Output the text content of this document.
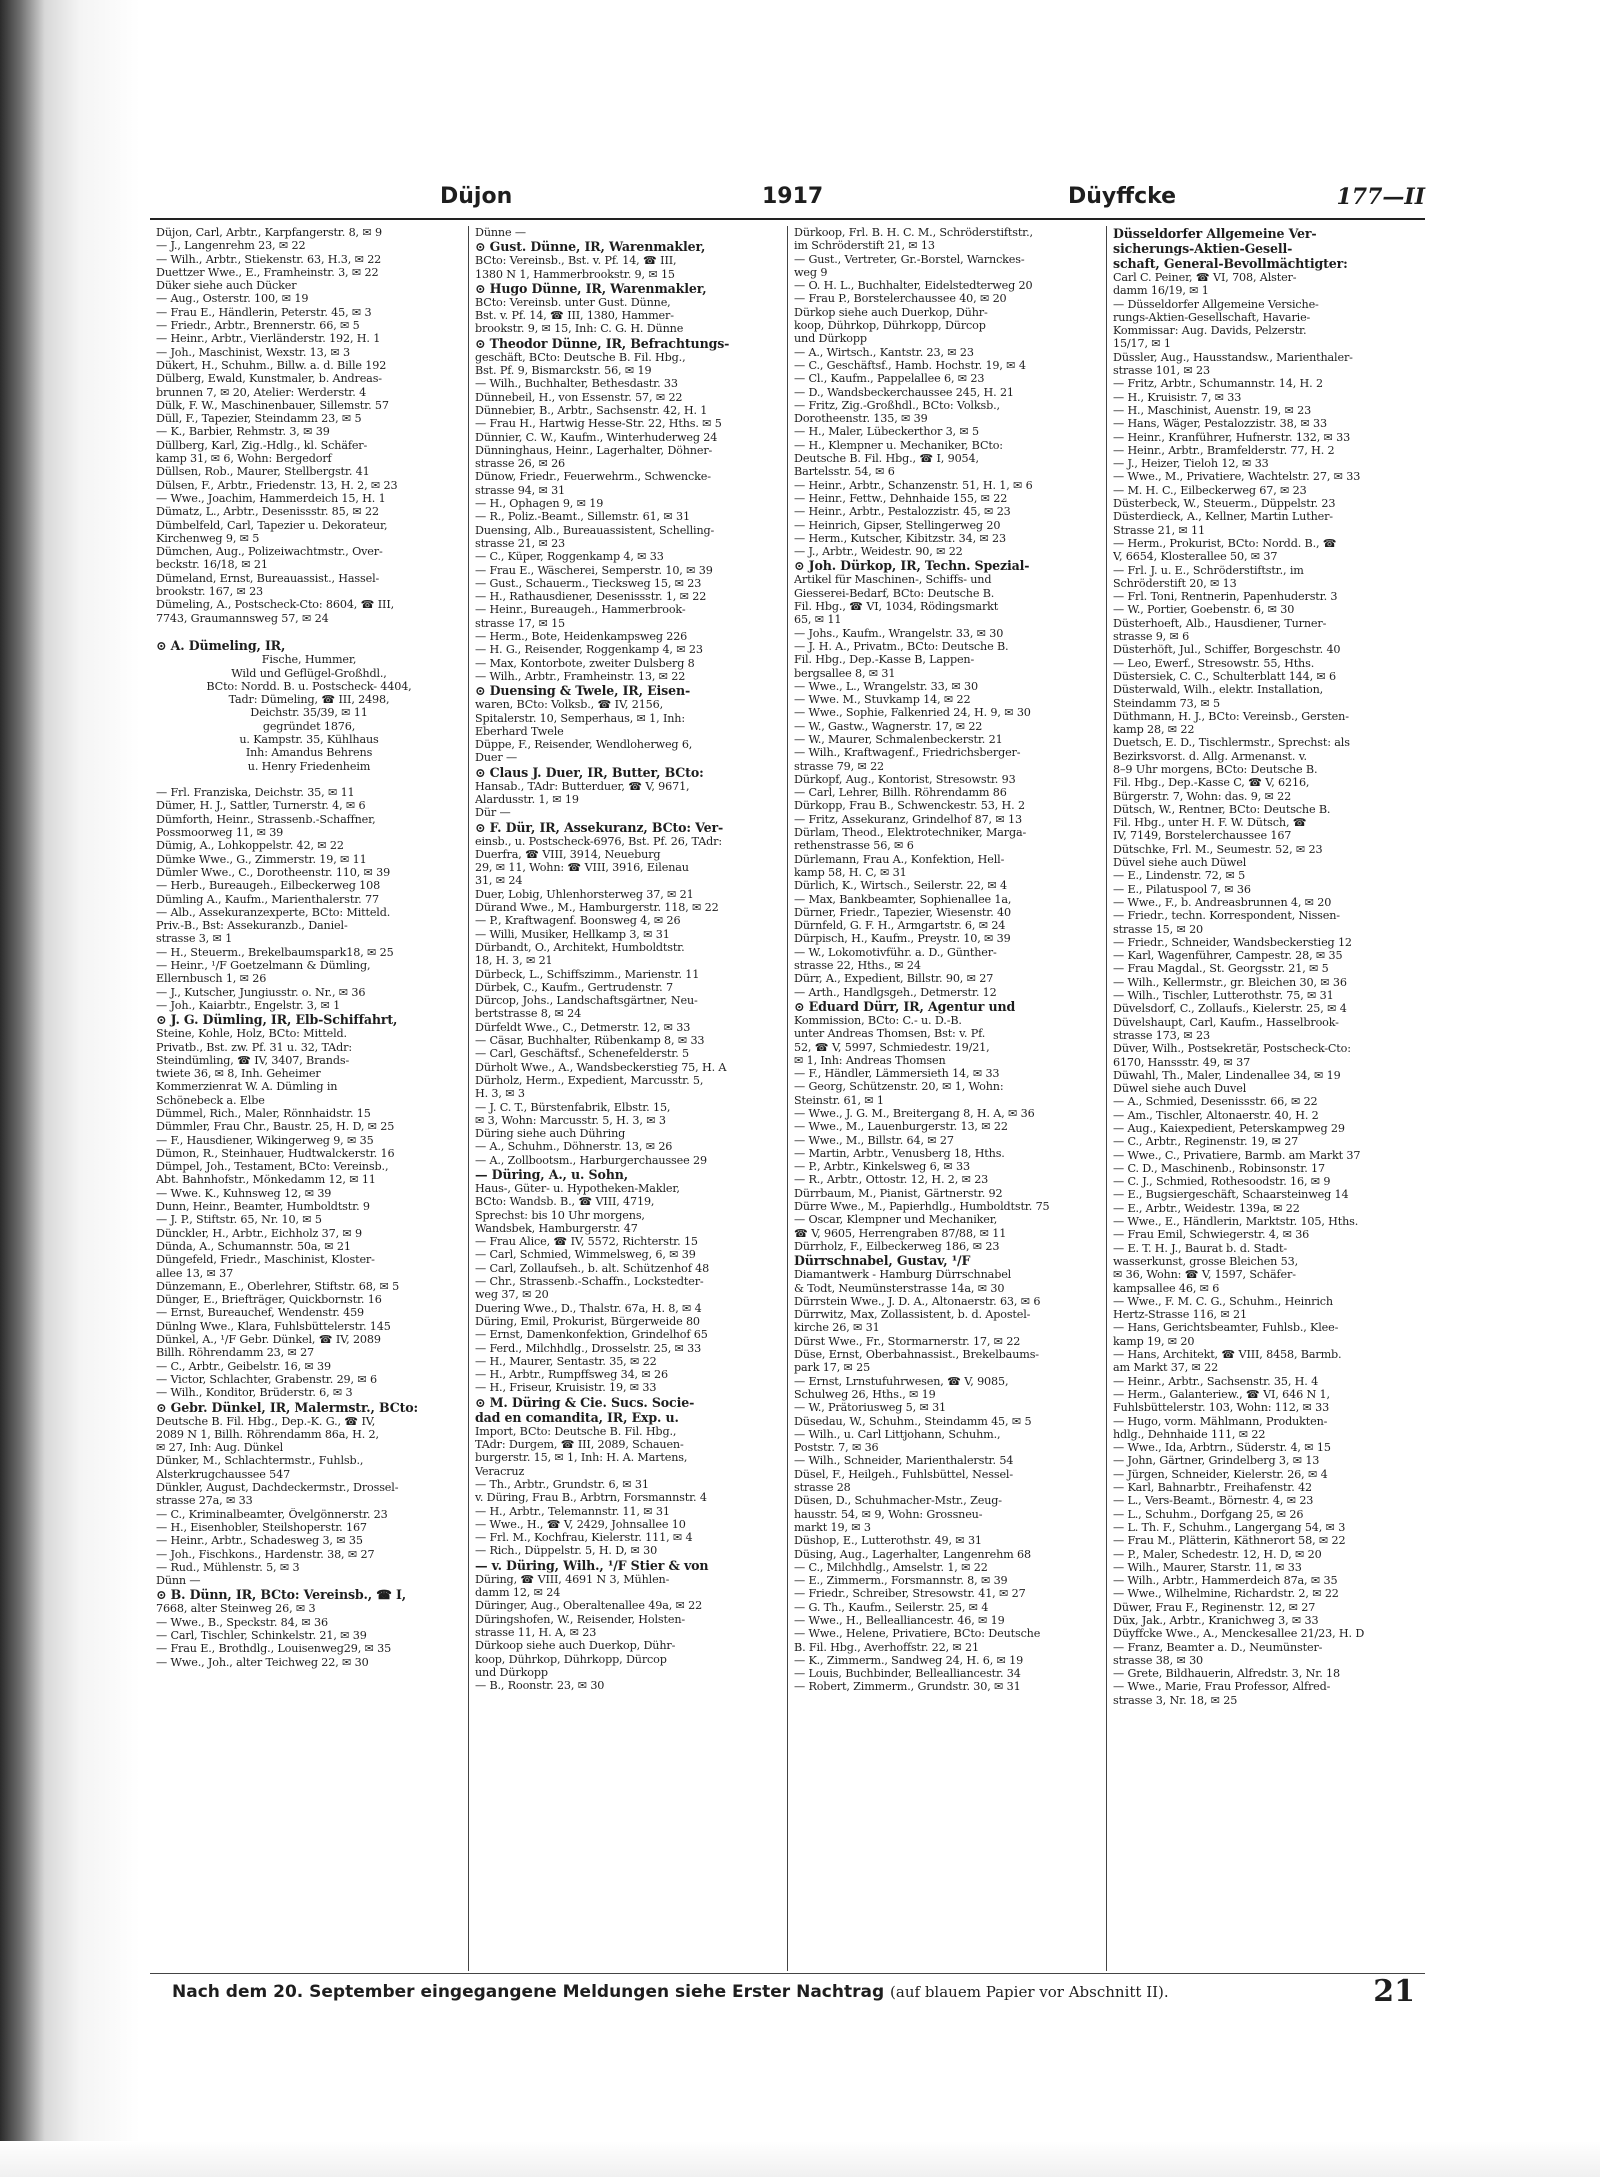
Düjon	1917	Düyffcke	177—II
Düjon, Carl, Arbtr., Karpfangerstr. 8, ✉ 9
— J., Langenrehm 23, ✉ 22
— Wilh., Arbtr., Stiekenstr. 63, H.3, ✉ 22
Duettzer Wwe., E., Framheinstr. 3, ✉ 22
Düker siehe auch Dücker
— Aug., Osterstr. 100, ✉ 19
— Frau E., Händlerin, Peterstr. 45, ✉ 3
— Friedr., Arbtr., Brennerstr. 66, ✉ 5
— Heinr., Arbtr., Vierländerstr. 192, H. 1
— Joh., Maschinist, Wexstr. 13, ✉ 3
Dükert, H., Schuhm., Billw. a. d. Bille 192
Dülberg, Ewald, Kunstmaler, b. Andreas-
brunnen 7, ✉ 20, Atelier: Werderstr. 4
Dülk, F. W., Maschinenbauer, Sillemstr. 57
Düll, F., Tapezier, Steindamm 23, ✉ 5
— K., Barbier, Rehmstr. 3, ✉ 39
Düllberg, Karl, Zig.-Hdlg., kl. Schäfer-
kamp 31, ✉ 6, Wohn: Bergedorf
Düllsen, Rob., Maurer, Stellbergstr. 41
Dülsen, F., Arbtr., Friedenstr. 13, H. 2, ✉ 23
— Wwe., Joachim, Hammerdeich 15, H. 1
Dümatz, L., Arbtr., Desenissstr. 85, ✉ 22
Dümbelfeld, Carl, Tapezier u. Dekorateur,
Kirchenweg 9, ✉ 5
Dümchen, Aug., Polizeiwachtmstr., Over-
beckstr. 16/18, ✉ 21
Dümeland, Ernst, Bureauassist., Hassel-
brookstr. 167, ✉ 23
Dümeling, A., Postscheck-Cto: 8604, ☎ III,
7743, Graumannsweg 57, ✉ 24
⊙ A. Dümeling, IR,
Fische, Hummer,
Wild und Geflügel-Großhdl.,
BCto: Nordd. B. u. Postscheck- 4404,
Tadr: Dümeling, ☎ III, 2498,
Deichstr. 35/39, ✉ 11
gegründet 1876,
u. Kampstr. 35, Kühlhaus
Inh: Amandus Behrens
u. Henry Friedenheim
— Frl. Franziska, Deichstr. 35, ✉ 11
Dümer, H. J., Sattler, Turnerstr. 4, ✉ 6
Dümforth, Heinr., Strassenb.-Schaffner,
Possmoorweg 11, ✉ 39
Dümig, A., Lohkoppelstr. 42, ✉ 22
Dümke Wwe., G., Zimmerstr. 19, ✉ 11
Dümler Wwe., C., Dorotheenstr. 110, ✉ 39
— Herb., Bureaugeh., Eilbeckerweg 108
Dümling A., Kaufm., Marienthalerstr. 77
— Alb., Assekuranzexperte, BCto: Mitteld.
Priv.-B., Bst: Assekuranzb., Daniel-
strasse 3, ✉ 1
— H., Steuerm., Brekelbaumspark18, ✉ 25
— Heinr., ¹/F Goetzelmann & Dümling,
Ellernbusch 1, ✉ 26
— J., Kutscher, Jungiusstr. o. Nr., ✉ 36
— Joh., Kaiarbtr., Engelstr. 3, ✉ 1
⊙ J. G. Dümling, IR, Elb-Schiffahrt,
Steine, Kohle, Holz, BCto: Mitteld.
Privatb., Bst. zw. Pf. 31 u. 32, TAdr:
Steindümling, ☎ IV, 3407, Brands-
twiete 36, ✉ 8, Inh. Geheimer
Kommerzienrat W. A. Dümling in
Schönebeck a. Elbe
Dümmel, Rich., Maler, Rönnhaidstr. 15
Dümmler, Frau Chr., Baustr. 25, H. D, ✉ 25
— F., Hausdiener, Wikingerweg 9, ✉ 35
Dümon, R., Steinhauer, Hudtwalckerstr. 16
Dümpel, Joh., Testament, BCto: Vereinsb.,
Abt. Bahnhofstr., Mönkedamm 12, ✉ 11
— Wwe. K., Kuhnsweg 12, ✉ 39
Dunn, Heinr., Beamter, Humboldtstr. 9
— J. P., Stiftstr. 65, Nr. 10, ✉ 5
Dünckler, H., Arbtr., Eichholz 37, ✉ 9
Dünda, A., Schumannstr. 50a, ✉ 21
Düngefeld, Friedr., Maschinist, Kloster-
allee 13, ✉ 37
Dünzemann, E., Oberlehrer, Stiftstr. 68, ✉ 5
Dünger, E., Briefträger, Quickbornstr. 16
— Ernst, Bureauchef, Wendenstr. 459
Dünlng Wwe., Klara, Fuhlsbüttelerstr. 145
Dünkel, A., ¹/F Gebr. Dünkel, ☎ IV, 2089
Billh. Röhrendamm 23, ✉ 27
— C., Arbtr., Geibelstr. 16, ✉ 39
— Victor, Schlachter, Grabenstr. 29, ✉ 6
— Wilh., Konditor, Brüderstr. 6, ✉ 3
⊙ Gebr. Dünkel, IR, Malermstr., BCto:
Deutsche B. Fil. Hbg., Dep.-K. G., ☎ IV,
2089 N 1, Billh. Röhrendamm 86a, H. 2,
✉ 27, Inh: Aug. Dünkel
Dünker, M., Schlachtermstr., Fuhlsb.,
Alsterkrugchaussee 547
Dünkler, August, Dachdeckermstr., Drossel-
strasse 27a, ✉ 33
— C., Kriminalbeamter, Övelgönnerstr. 23
— H., Eisenhobler, Steilshoperstr. 167
— Heinr., Arbtr., Schadesweg 3, ✉ 35
— Joh., Fischkons., Hardenstr. 38, ✉ 27
— Rud., Mühlenstr. 5, ✉ 3
Dünn —
⊙ B. Dünn, IR, BCto: Vereinsb., ☎ I,
7668, alter Steinweg 26, ✉ 3
— Wwe., B., Speckstr. 84, ✉ 36
— Carl, Tischler, Schinkelstr. 21, ✉ 39
— Frau E., Brothdlg., Louisenweg29, ✉ 35
— Wwe., Joh., alter Teichweg 22, ✉ 30
Dünne —
⊙ Gust. Dünne, IR, Warenmakler,
BCto: Vereinsb., Bst. v. Pf. 14, ☎ III,
1380 N 1, Hammerbrookstr. 9, ✉ 15
⊙ Hugo Dünne, IR, Warenmakler,
BCto: Vereinsb. unter Gust. Dünne,
Bst. v. Pf. 14, ☎ III, 1380, Hammer-
brookstr. 9, ✉ 15, Inh: C. G. H. Dünne
⊙ Theodor Dünne, IR, Befrachtungs-
geschäft, BCto: Deutsche B. Fil. Hbg.,
Bst. Pf. 9, Bismarckstr. 56, ✉ 19
— Wilh., Buchhalter, Bethesdastr. 33
Dünnebeil, H., von Essenstr. 57, ✉ 22
Dünnebier, B., Arbtr., Sachsenstr. 42, H. 1
— Frau H., Hartwig Hesse-Str. 22, Hths. ✉ 5
Dünnier, C. W., Kaufm., Winterhuderweg 24
Dünninghaus, Heinr., Lagerhalter, Döhner-
strasse 26, ✉ 26
Dünow, Friedr., Feuerwehrm., Schwencke-
strasse 94, ✉ 31
— H., Ophagen 9, ✉ 19
— R., Poliz.-Beamt., Sillemstr. 61, ✉ 31
Duensing, Alb., Bureauassistent, Schelling-
strasse 21, ✉ 23
— C., Küper, Roggenkamp 4, ✉ 33
— Frau E., Wäscherei, Semperstr. 10, ✉ 39
— Gust., Schauerm., Tiecksweg 15, ✉ 23
— H., Rathausdiener, Desenissstr. 1, ✉ 22
— Heinr., Bureaugeh., Hammerbrook-
strasse 17, ✉ 15
— Herm., Bote, Heidenkampsweg 226
— H. G., Reisender, Roggenkamp 4, ✉ 23
— Max, Kontorbote, zweiter Dulsberg 8
— Wilh., Arbtr., Framheinstr. 13, ✉ 22
⊙ Duensing & Twele, IR, Eisen-
waren, BCto: Volksb., ☎ IV, 2156,
Spitalerstr. 10, Semperhaus, ✉ 1, Inh:
Eberhard Twele
Düppe, F., Reisender, Wendloherweg 6,
Duer —
⊙ Claus J. Duer, IR, Butter, BCto:
Hansab., TAdr: Butterduer, ☎ V, 9671,
Alardusstr. 1, ✉ 19
Dür —
⊙ F. Dür, IR, Assekuranz, BCto: Ver-
einsb., u. Postscheck-6976, Bst. Pf. 26, TAdr:
Duerfra, ☎ VIII, 3914, Neueburg
29, ✉ 11, Wohn: ☎ VIII, 3916, Eilenau
31, ✉ 24
Duer, Lobig, Uhlenhorsterweg 37, ✉ 21
Dürand Wwe., M., Hamburgerstr. 118, ✉ 22
— P., Kraftwagenf. Boonsweg 4, ✉ 26
— Willi, Musiker, Hellkamp 3, ✉ 31
Dürbandt, O., Architekt, Humboldtstr.
18, H. 3, ✉ 21
Dürbeck, L., Schiffszimm., Marienstr. 11
Dürbek, C., Kaufm., Gertrudenstr. 7
Dürcop, Johs., Landschaftsgärtner, Neu-
bertstrasse 8, ✉ 24
Dürfeldt Wwe., C., Detmerstr. 12, ✉ 33
— Cäsar, Buchhalter, Rübenkamp 8, ✉ 33
— Carl, Geschäftsf., Schenefelderstr. 5
Dürholt Wwe., A., Wandsbeckerstieg 75, H. A
Dürholz, Herm., Expedient, Marcusstr. 5,
H. 3, ✉ 3
— J. C. T., Bürstenfabrik, Elbstr. 15,
✉ 3, Wohn: Marcusstr. 5, H. 3, ✉ 3
Düring siehe auch Dühring
— A., Schuhm., Döhnerstr. 13, ✉ 26
— A., Zollbootsm., Harburgerchaussee 29
— Düring, A., u. Sohn,
Haus-, Güter- u. Hypotheken-Makler,
BCto: Wandsb. B., ☎ VIII, 4719,
Sprechst: bis 10 Uhr morgens,
Wandsbek, Hamburgerstr. 47
— Frau Alice, ☎ IV, 5572, Richterstr. 15
— Carl, Schmied, Wimmelsweg, 6, ✉ 39
— Carl, Zollaufseh., b. alt. Schützenhof 48
— Chr., Strassenb.-Schaffn., Lockstedter-
weg 37, ✉ 20
Duering Wwe., D., Thalstr. 67a, H. 8, ✉ 4
Düring, Emil, Prokurist, Bürgerweide 80
— Ernst, Damenkonfektion, Grindelhof 65
— Ferd., Milchhdlg., Drosselstr. 25, ✉ 33
— H., Maurer, Sentastr. 35, ✉ 22
— H., Arbtr., Rumpffsweg 34, ✉ 26
— H., Friseur, Kruisistr. 19, ✉ 33
⊙ M. Düring & Cie. Sucs. Socie-
dad en comandita, IR, Exp. u.
Import, BCto: Deutsche B. Fil. Hbg.,
TAdr: Durgem, ☎ III, 2089, Schauen-
burgerstr. 15, ✉ 1, Inh: H. A. Martens,
Veracruz
— Th., Arbtr., Grundstr. 6, ✉ 31
v. Düring, Frau B., Arbtrn, Forsmannstr. 4
— H., Arbtr., Telemannstr. 11, ✉ 31
— Wwe., H., ☎ V, 2429, Johnsallee 10
— Frl. M., Kochfrau, Kielerstr. 111, ✉ 4
— Rich., Düppelstr. 5, H. D, ✉ 30
— v. Düring, Wilh., ¹/F Stier & von
Düring, ☎ VIII, 4691 N 3, Mühlen-
damm 12, ✉ 24
Düringer, Aug., Oberaltenallee 49a, ✉ 22
Düringshofen, W., Reisender, Holsten-
strasse 11, H. A, ✉ 23
Dürkoop siehe auch Duerkop, Dühr-
koop, Dührkop, Dührkopp, Dürcop
und Dürkopp
— B., Roonstr. 23, ✉ 30
Dürkoop, Frl. B. H. C. M., Schröderstiftstr.,
im Schröderstift 21, ✉ 13
— Gust., Vertreter, Gr.-Borstel, Warnckes-
weg 9
— O. H. L., Buchhalter, Eidelstedterweg 20
— Frau P., Borstelerchaussee 40, ✉ 20
Dürkop siehe auch Duerkop, Dühr-
koop, Dührkop, Dührkopp, Dürcop
und Dürkopp
— A., Wirtsch., Kantstr. 23, ✉ 23
— C., Geschäftsf., Hamb. Hochstr. 19, ✉ 4
— Cl., Kaufm., Pappelallee 6, ✉ 23
— D., Wandsbeckerchaussee 245, H. 21
— Fritz, Zig.-Großhdl., BCto: Volksb.,
Dorotheenstr. 135, ✉ 39
— H., Maler, Lübeckerthor 3, ✉ 5
— H., Klempner u. Mechaniker, BCto:
Deutsche B. Fil. Hbg., ☎ I, 9054,
Bartelsstr. 54, ✉ 6
— Heinr., Arbtr., Schanzenstr. 51, H. 1, ✉ 6
— Heinr., Fettw., Dehnhaide 155, ✉ 22
— Heinr., Arbtr., Pestalozzistr. 45, ✉ 23
— Heinrich, Gipser, Stellingerweg 20
— Herm., Kutscher, Kibitzstr. 34, ✉ 23
— J., Arbtr., Weidestr. 90, ✉ 22
⊙ Joh. Dürkop, IR, Techn. Spezial-
Artikel für Maschinen-, Schiffs- und
Giesserei-Bedarf, BCto: Deutsche B.
Fil. Hbg., ☎ VI, 1034, Rödingsmarkt
65, ✉ 11
— Johs., Kaufm., Wrangelstr. 33, ✉ 30
— J. H. A., Privatm., BCto: Deutsche B.
Fil. Hbg., Dep.-Kasse B, Lappen-
bergsallee 8, ✉ 31
— Wwe., L., Wrangelstr. 33, ✉ 30
— Wwe. M., Stuvkamp 14, ✉ 22
— Wwe., Sophie, Falkenried 24, H. 9, ✉ 30
— W., Gastw., Wagnerstr. 17, ✉ 22
— W., Maurer, Schmalenbeckerstr. 21
— Wilh., Kraftwagenf., Friedrichsberger-
strasse 79, ✉ 22
Dürkopf, Aug., Kontorist, Stresowstr. 93
— Carl, Lehrer, Billh. Röhrendamm 86
Dürkopp, Frau B., Schwenckestr. 53, H. 2
— Fritz, Assekuranz, Grindelhof 87, ✉ 13
Dürlam, Theod., Elektrotechniker, Marga-
rethenstrasse 56, ✉ 6
Dürlemann, Frau A., Konfektion, Hell-
kamp 58, H. C, ✉ 31
Dürlich, K., Wirtsch., Seilerstr. 22, ✉ 4
— Max, Bankbeamter, Sophienallee 1a,
Dürner, Friedr., Tapezier, Wiesenstr. 40
Dürnfeld, G. F. H., Armgartstr. 6, ✉ 24
Dürpisch, H., Kaufm., Preystr. 10, ✉ 39
— W., Lokomotivführ. a. D., Günther-
strasse 22, Hths., ✉ 24
Dürr, A., Expedient, Billstr. 90, ✉ 27
— Arth., Handlgsgeh., Detmerstr. 12
⊙ Eduard Dürr, IR, Agentur und
Kommission, BCto: C.- u. D.-B.
unter Andreas Thomsen, Bst: v. Pf.
52, ☎ V, 5997, Schmiedestr. 19/21,
✉ 1, Inh: Andreas Thomsen
— F., Händler, Lämmersieth 14, ✉ 33
— Georg, Schützenstr. 20, ✉ 1, Wohn:
Steinstr. 61, ✉ 1
— Wwe., J. G. M., Breitergang 8, H. A, ✉ 36
— Wwe., M., Lauenburgerstr. 13, ✉ 22
— Wwe., M., Billstr. 64, ✉ 27
— Martin, Arbtr., Venusberg 18, Hths.
— P., Arbtr., Kinkelsweg 6, ✉ 33
— R., Arbtr., Ottostr. 12, H. 2, ✉ 23
Dürrbaum, M., Pianist, Gärtnerstr. 92
Dürre Wwe., M., Papierhdlg., Humboldtstr. 75
— Oscar, Klempner und Mechaniker,
☎ V, 9605, Herrengraben 87/88, ✉ 11
Dürrholz, F., Eilbeckerweg 186, ✉ 23
Dürrschnabel, Gustav, ¹/F
Diamantwerk - Hamburg Dürrschnabel
& Todt, Neumünsterstrasse 14a, ✉ 30
Dürrstein Wwe., J. D. A., Altonaerstr. 63, ✉ 6
Dürrwitz, Max, Zollassistent, b. d. Apostel-
kirche 26, ✉ 31
Dürst Wwe., Fr., Stormarnerstr. 17, ✉ 22
Düse, Ernst, Oberbahnassist., Brekelbaums-
park 17, ✉ 25
— Ernst, Lrnstufuhrwesen, ☎ V, 9085,
Schulweg 26, Hths., ✉ 19
— W., Prätoriusweg 5, ✉ 31
Düsedau, W., Schuhm., Steindamm 45, ✉ 5
— Wilh., u. Carl Littjohann, Schuhm.,
Poststr. 7, ✉ 36
— Wilh., Schneider, Marienthalerstr. 54
Düsel, F., Heilgeh., Fuhlsbüttel, Nessel-
strasse 28
Düsen, D., Schuhmacher-Mstr., Zeug-
hausstr. 54, ✉ 9, Wohn: Grossneu-
markt 19, ✉ 3
Düshop, E., Lutterothstr. 49, ✉ 31
Düsing, Aug., Lagerhalter, Langenrehm 68
— C., Milchhdlg., Amselstr. 1, ✉ 22
— E., Zimmerm., Forsmannstr. 8, ✉ 39
— Friedr., Schreiber, Stresowstr. 41, ✉ 27
— G. Th., Kaufm., Seilerstr. 25, ✉ 4
— Wwe., H., Bellealliancestr. 46, ✉ 19
— Wwe., Helene, Privatiere, BCto: Deutsche
B. Fil. Hbg., Averhoffstr. 22, ✉ 21
— K., Zimmerm., Sandweg 24, H. 6, ✉ 19
— Louis, Buchbinder, Bellealliancestr. 34
— Robert, Zimmerm., Grundstr. 30, ✉ 31
Düsseldorfer Allgemeine Ver-
sicherungs-Aktien-Gesell-
schaft, General-Bevollmächtigter:
Carl C. Peiner, ☎ VI, 708, Alster-
damm 16/19, ✉ 1
— Düsseldorfer Allgemeine Versiche-
rungs-Aktien-Gesellschaft, Havarie-
Kommissar: Aug. Davids, Pelzerstr.
15/17, ✉ 1
Düssler, Aug., Hausstandsw., Marienthaler-
strasse 101, ✉ 23
— Fritz, Arbtr., Schumannstr. 14, H. 2
— H., Kruisistr. 7, ✉ 33
— H., Maschinist, Auenstr. 19, ✉ 23
— Hans, Wäger, Pestalozzistr. 38, ✉ 33
— Heinr., Kranführer, Hufnerstr. 132, ✉ 33
— Heinr., Arbtr., Bramfelderstr. 77, H. 2
— J., Heizer, Tieloh 12, ✉ 33
— Wwe., M., Privatiere, Wachtelstr. 27, ✉ 33
— M. H. C., Eilbeckerweg 67, ✉ 23
Düsterbeck, W., Steuerm., Düppelstr. 23
Düsterdieck, A., Kellner, Martin Luther-
Strasse 21, ✉ 11
— Herm., Prokurist, BCto: Nordd. B., ☎
V, 6654, Klosterallee 50, ✉ 37
— Frl. J. u. E., Schröderstiftstr., im
Schröderstift 20, ✉ 13
— Frl. Toni, Rentnerin, Papenhuderstr. 3
— W., Portier, Goebenstr. 6, ✉ 30
Düsterhoeft, Alb., Hausdiener, Turner-
strasse 9, ✉ 6
Düsterhöft, Jul., Schiffer, Borgeschstr. 40
— Leo, Ewerf., Stresowstr. 55, Hths.
Düstersiek, C. C., Schulterblatt 144, ✉ 6
Düsterwald, Wilh., elektr. Installation,
Steindamm 73, ✉ 5
Düthmann, H. J., BCto: Vereinsb., Gersten-
kamp 28, ✉ 22
Duetsch, E. D., Tischlermstr., Sprechst: als
Bezirksvorst. d. Allg. Armenanst. v.
8–9 Uhr morgens, BCto: Deutsche B.
Fil. Hbg., Dep.-Kasse C, ☎ V, 6216,
Bürgerstr. 7, Wohn: das. 9, ✉ 22
Dütsch, W., Rentner, BCto: Deutsche B.
Fil. Hbg., unter H. F. W. Dütsch, ☎
IV, 7149, Borstelerchaussee 167
Dütschke, Frl. M., Seumestr. 52, ✉ 23
Düvel siehe auch Düwel
— E., Lindenstr. 72, ✉ 5
— E., Pilatuspool 7, ✉ 36
— Wwe., F., b. Andreasbrunnen 4, ✉ 20
— Friedr., techn. Korrespondent, Nissen-
strasse 15, ✉ 20
— Friedr., Schneider, Wandsbeckerstieg 12
— Karl, Wagenführer, Campestr. 28, ✉ 35
— Frau Magdal., St. Georgsstr. 21, ✉ 5
— Wilh., Kellermstr., gr. Bleichen 30, ✉ 36
— Wilh., Tischler, Lutterothstr. 75, ✉ 31
Düvelsdorf, C., Zollaufs., Kielerstr. 25, ✉ 4
Düvelshaupt, Carl, Kaufm., Hasselbrook-
strasse 173, ✉ 23
Düver, Wilh., Postsekretär, Postscheck-Cto:
6170, Hanssstr. 49, ✉ 37
Düwahl, Th., Maler, Lindenallee 34, ✉ 19
Düwel siehe auch Duvel
— A., Schmied, Desenissstr. 66, ✉ 22
— Am., Tischler, Altonaerstr. 40, H. 2
— Aug., Kaiexpedient, Peterskampweg 29
— C., Arbtr., Reginenstr. 19, ✉ 27
— Wwe., C., Privatiere, Barmb. am Markt 37
— C. D., Maschinenb., Robinsonstr. 17
— C. J., Schmied, Rothesoodstr. 16, ✉ 9
— E., Bugsiergeschäft, Schaarsteinweg 14
— E., Arbtr., Weidestr. 139a, ✉ 22
— Wwe., E., Händlerin, Marktstr. 105, Hths.
— Frau Emil, Schwiegerstr. 4, ✉ 36
— E. T. H. J., Baurat b. d. Stadt-
wasserkunst, grosse Bleichen 53,
✉ 36, Wohn: ☎ V, 1597, Schäfer-
kampsallee 46, ✉ 6
— Wwe., F. M. C. G., Schuhm., Heinrich
Hertz-Strasse 116, ✉ 21
— Hans, Gerichtsbeamter, Fuhlsb., Klee-
kamp 19, ✉ 20
— Hans, Architekt, ☎ VIII, 8458, Barmb.
am Markt 37, ✉ 22
— Heinr., Arbtr., Sachsenstr. 35, H. 4
— Herm., Galanteriew., ☎ VI, 646 N 1,
Fuhlsbüttelerstr. 103, Wohn: 112, ✉ 33
— Hugo, vorm. Mählmann, Produkten-
hdlg., Dehnhaide 111, ✉ 22
— Wwe., Ida, Arbtrn., Süderstr. 4, ✉ 15
— John, Gärtner, Grindelberg 3, ✉ 13
— Jürgen, Schneider, Kielerstr. 26, ✉ 4
— Karl, Bahnarbtr., Freihafenstr. 42
— L., Vers-Beamt., Börnestr. 4, ✉ 23
— L., Schuhm., Dorfgang 25, ✉ 26
— L. Th. F., Schuhm., Langergang 54, ✉ 3
— Frau M., Plätterin, Käthnerort 58, ✉ 22
— P., Maler, Schedestr. 12, H. D, ✉ 20
— Wilh., Maurer, Starstr. 11, ✉ 33
— Wilh., Arbtr., Hammerdeich 87a, ✉ 35
— Wwe., Wilhelmine, Richardstr. 2, ✉ 22
Düwer, Frau F., Reginenstr. 12, ✉ 27
Düx, Jak., Arbtr., Kranichweg 3, ✉ 33
Düyffcke Wwe., A., Menckesallee 21/23, H. D
— Franz, Beamter a. D., Neumünster-
strasse 38, ✉ 30
— Grete, Bildhauerin, Alfredstr. 3, Nr. 18
— Wwe., Marie, Frau Professor, Alfred-
strasse 3, Nr. 18, ✉ 25
Nach dem 20. September eingegangene Meldungen siehe Erster Nachtrag (auf blauem Papier vor Abschnitt II).	21
